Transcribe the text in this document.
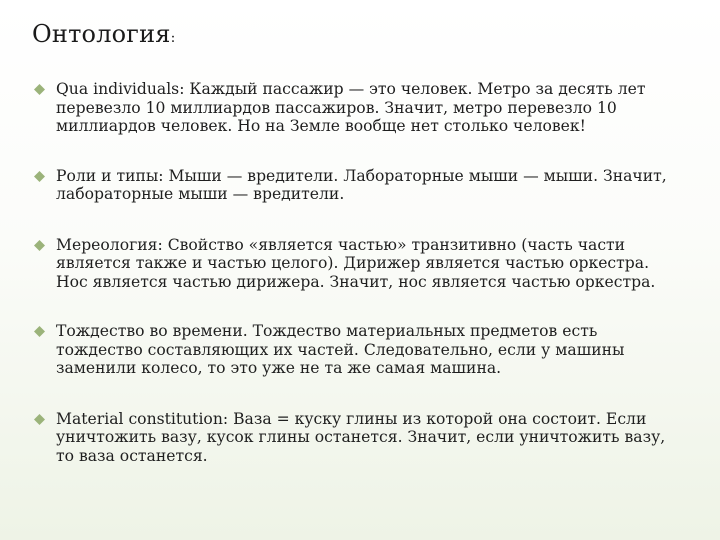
Онтология:
Qua individuals: Каждый пассажир — это человек. Метро за десять лет перевезло 10 миллиардов пассажиров. Значит, метро перевезло 10 миллиардов человек. Но на Земле вообще нет столько человек!
Роли и типы: Мыши — вредители. Лабораторные мыши — мыши. Значит, лабораторные мыши — вредители.
Мереология: Свойство «является частью» транзитивно (часть части является также и частью целого). Дирижер является частью оркестра. Нос является частью дирижера. Значит, нос является частью оркестра.
Тождество во времени. Тождество материальных предметов есть тождество составляющих их частей. Следовательно, если у машины заменили колесо, то это уже не та же самая машина.
Material constitution: Ваза = куску глины из которой она состоит. Если уничтожить вазу, кусок глины останется. Значит, если уничтожить вазу, то ваза останется.
